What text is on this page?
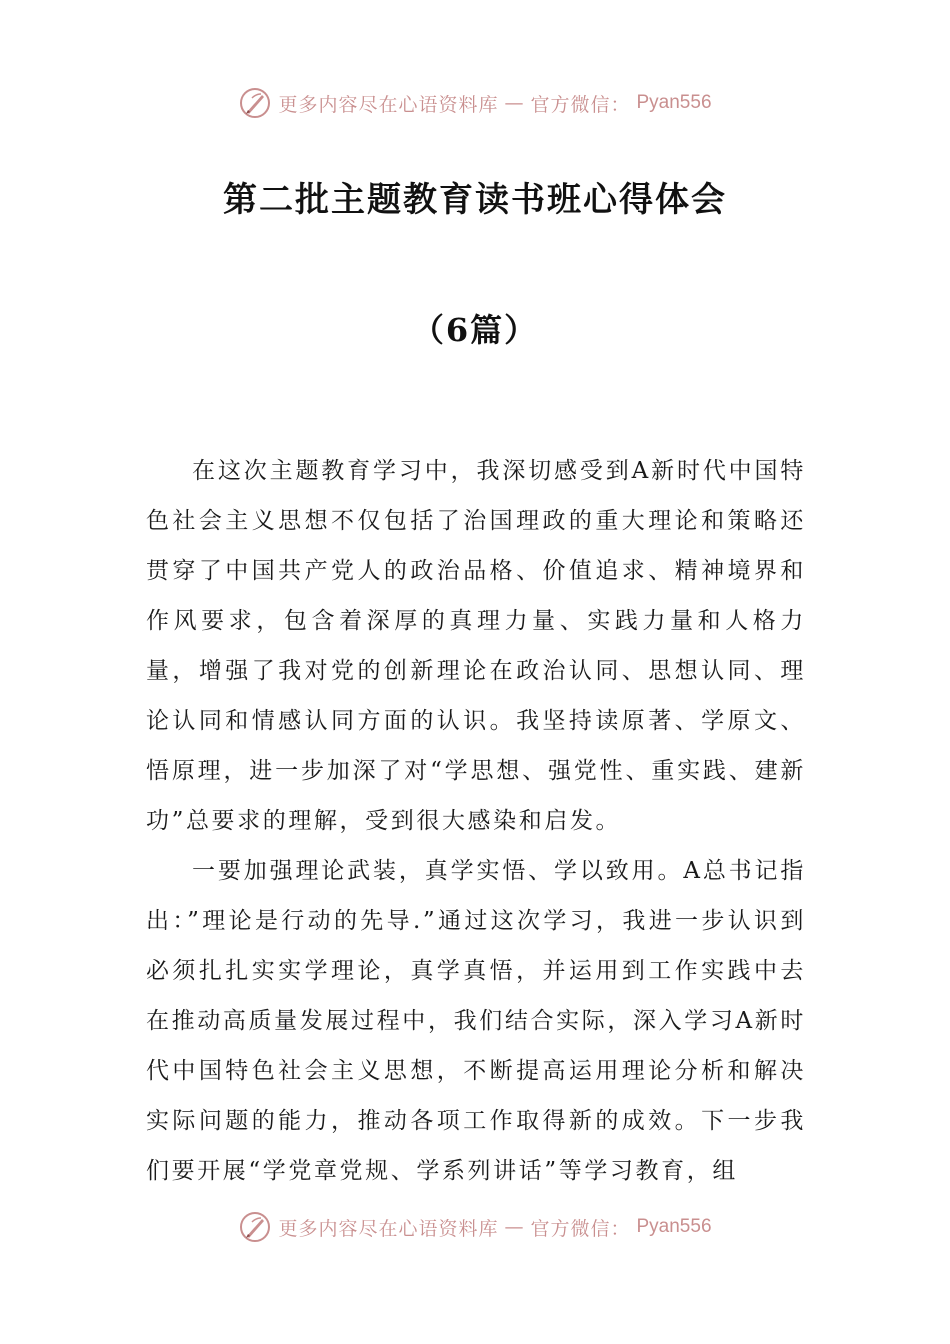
更多内容尽在心语资料库 — 官方微信： Pyan556
第二批主题教育读书班心得体会
（6篇）

在这次主题教育学习中，我深切感受到A新时代中国特色社会主义思想不仅包括了治国理政的重大理论和策略还贯穿了中国共产党人的政治品格、价值追求、精神境界和作风要求，包含着深厚的真理力量、实践力量和人格力量，增强了我对党的创新理论在政治认同、思想认同、理论认同和情感认同方面的认识。我坚持读原著、学原文、悟原理，进一步加深了对“学思想、强党性、重实践、建新功”总要求的理解，受到很大感染和启发。

一要加强理论武装，真学实悟、学以致用。A总书记指出：”理论是行动的先导.”通过这次学习，我进一步认识到必须扎扎实实学理论，真学真悟，并运用到工作实践中去在推动高质量发展过程中，我们结合实际，深入学习A新时代中国特色社会主义思想，不断提高运用理论分析和解决实际问题的能力，推动各项工作取得新的成效。下一步我们要开展“学党章党规、学系列讲话”等学习教育，组

更多内容尽在心语资料库 — 官方微信： Pyan556
